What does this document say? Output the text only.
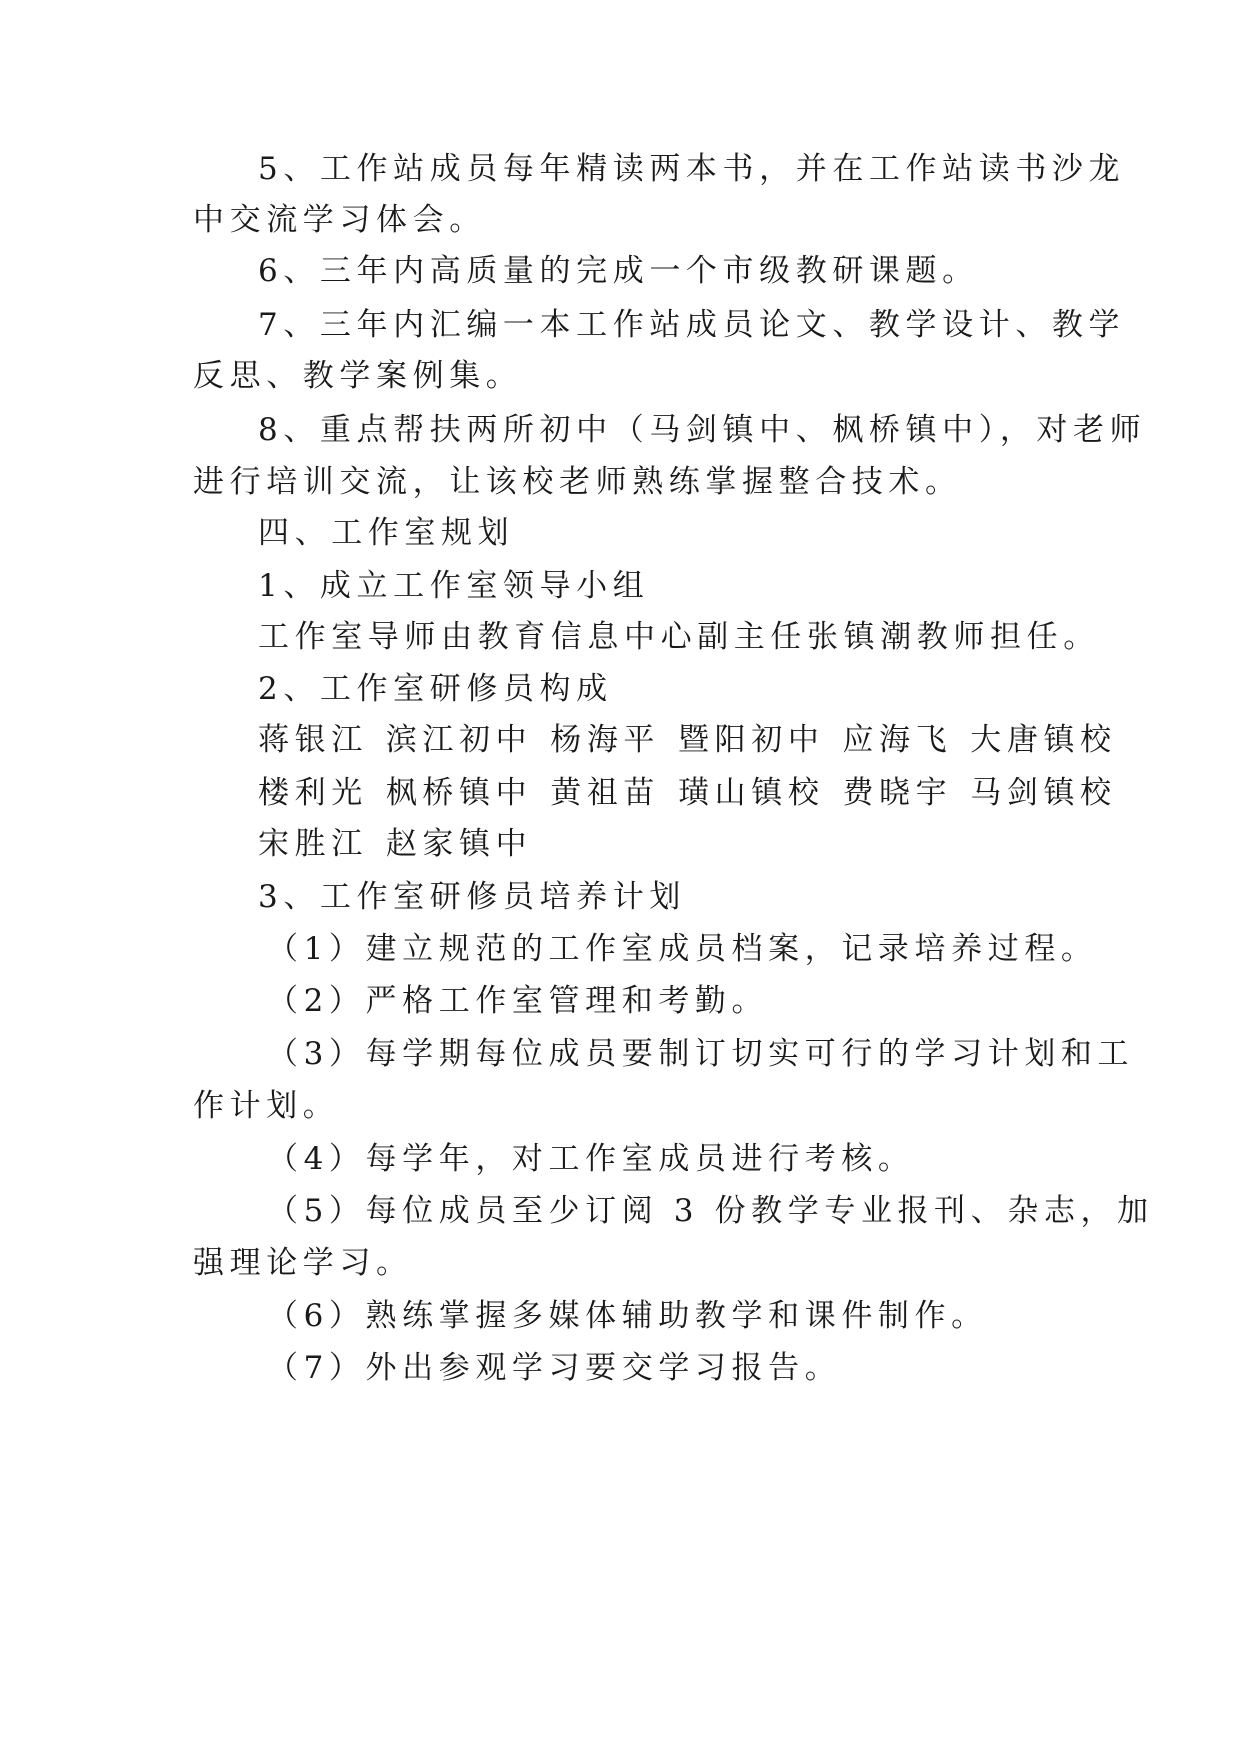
5、工作站成员每年精读两本书，并在工作站读书沙龙
中交流学习体会。
6、三年内高质量的完成一个市级教研课题。
7、三年内汇编一本工作站成员论文、教学设计、教学
反思、教学案例集。
8、重点帮扶两所初中（马剑镇中、枫桥镇中），对老师
进行培训交流，让该校老师熟练掌握整合技术。
四、工作室规划
1、成立工作室领导小组
工作室导师由教育信息中心副主任张镇潮教师担任。
2、工作室研修员构成
蒋银江 滨江初中 杨海平 暨阳初中 应海飞 大唐镇校
楼利光 枫桥镇中 黄祖苗 璜山镇校 费晓宇 马剑镇校
宋胜江 赵家镇中
3、工作室研修员培养计划
（1）建立规范的工作室成员档案，记录培养过程。
（2）严格工作室管理和考勤。
（3）每学期每位成员要制订切实可行的学习计划和工
作计划。
（4）每学年，对工作室成员进行考核。
（5）每位成员至少订阅 3 份教学专业报刊、杂志，加
强理论学习。
（6）熟练掌握多媒体辅助教学和课件制作。
（7）外出参观学习要交学习报告。
